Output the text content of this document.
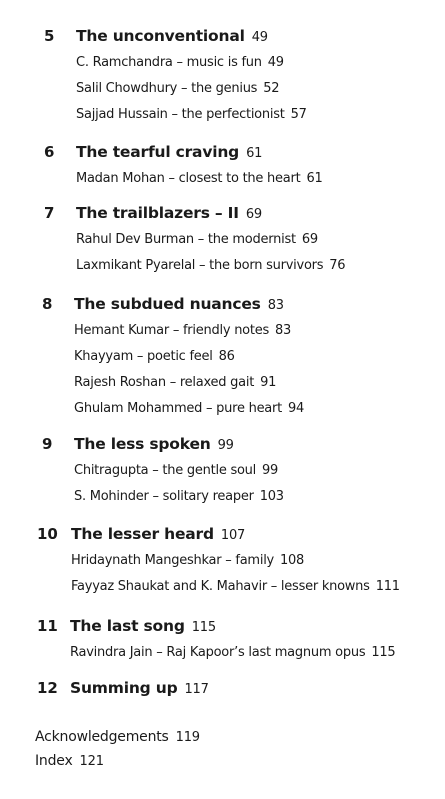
5 The unconventional 49
C. Ramchandra – music is fun 49
Salil Chowdhury – the genius 52
Sajjad Hussain – the perfectionist 57
6 The tearful craving 61
Madan Mohan – closest to the heart 61
7 The trailblazers – II 69
Rahul Dev Burman – the modernist 69
Laxmikant Pyarelal – the born survivors 76
8 The subdued nuances 83
Hemant Kumar – friendly notes 83
Khayyam – poetic feel 86
Rajesh Roshan – relaxed gait 91
Ghulam Mohammed – pure heart 94
9 The less spoken 99
Chitragupta – the gentle soul 99
S. Mohinder – solitary reaper 103
10 The lesser heard 107
Hridaynath Mangeshkar – family 108
Fayyaz Shaukat and K. Mahavir – lesser knowns 111
11 The last song 115
Ravindra Jain – Raj Kapoor’s last magnum opus 115
12 Summing up 117
Acknowledgements 119
Index 121
